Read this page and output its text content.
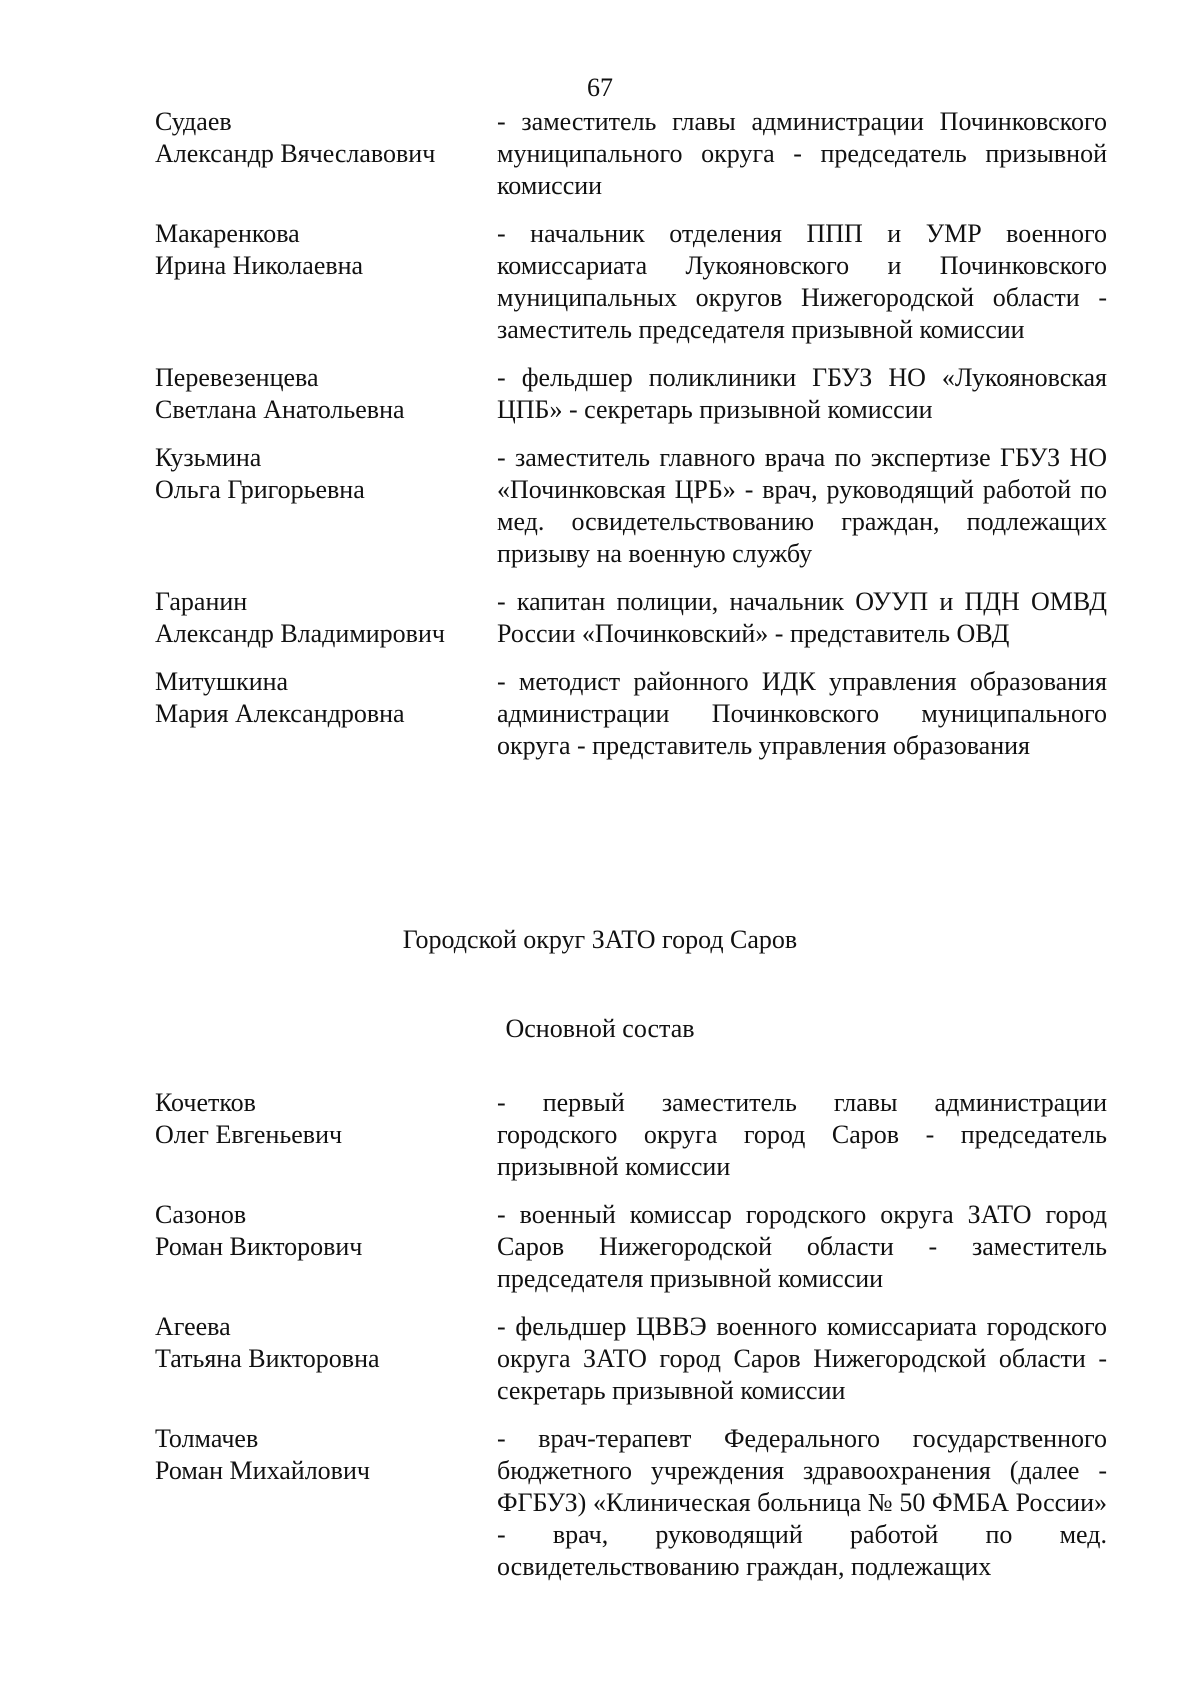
67
Судаев
Александр Вячеславович
- заместитель главы администрации Починковского муниципального округа - председатель призывной комиссии
Макаренкова
Ирина Николаевна
- начальник отделения ППП и УМР военного комиссариата Лукояновского и Починковского муниципальных округов Нижегородской области - заместитель председателя призывной комиссии
Перевезенцева
Светлана Анатольевна
- фельдшер поликлиники ГБУЗ НО «Лукояновская ЦПБ» - секретарь призывной комиссии
Кузьмина
Ольга Григорьевна
- заместитель главного врача по экспертизе ГБУЗ НО «Починковская ЦРБ» - врач, руководящий работой по мед. освидетельствованию граждан, подлежащих призыву на военную службу
Гаранин
Александр Владимирович
- капитан полиции, начальник ОУУП и ПДН ОМВД России «Починковский» - представитель ОВД
Митушкина
Мария Александровна
- методист районного ИДК управления образования администрации Починковского муниципального округа - представитель управления образования
Городской округ ЗАТО город Саров
Основной состав
Кочетков
Олег Евгеньевич
- первый заместитель главы администрации городского округа город Саров - председатель призывной комиссии
Сазонов
Роман Викторович
- военный комиссар городского округа ЗАТО город Саров Нижегородской области - заместитель председателя призывной комиссии
Агеева
Татьяна Викторовна
- фельдшер ЦВВЭ военного комиссариата городского округа ЗАТО город Саров Нижегородской области - секретарь призывной комиссии
Толмачев
Роман Михайлович
- врач-терапевт Федерального государственного бюджетного учреждения здравоохранения (далее - ФГБУЗ) «Клиническая больница № 50 ФМБА России» - врач, руководящий работой по мед. освидетельствованию граждан, подлежащих
